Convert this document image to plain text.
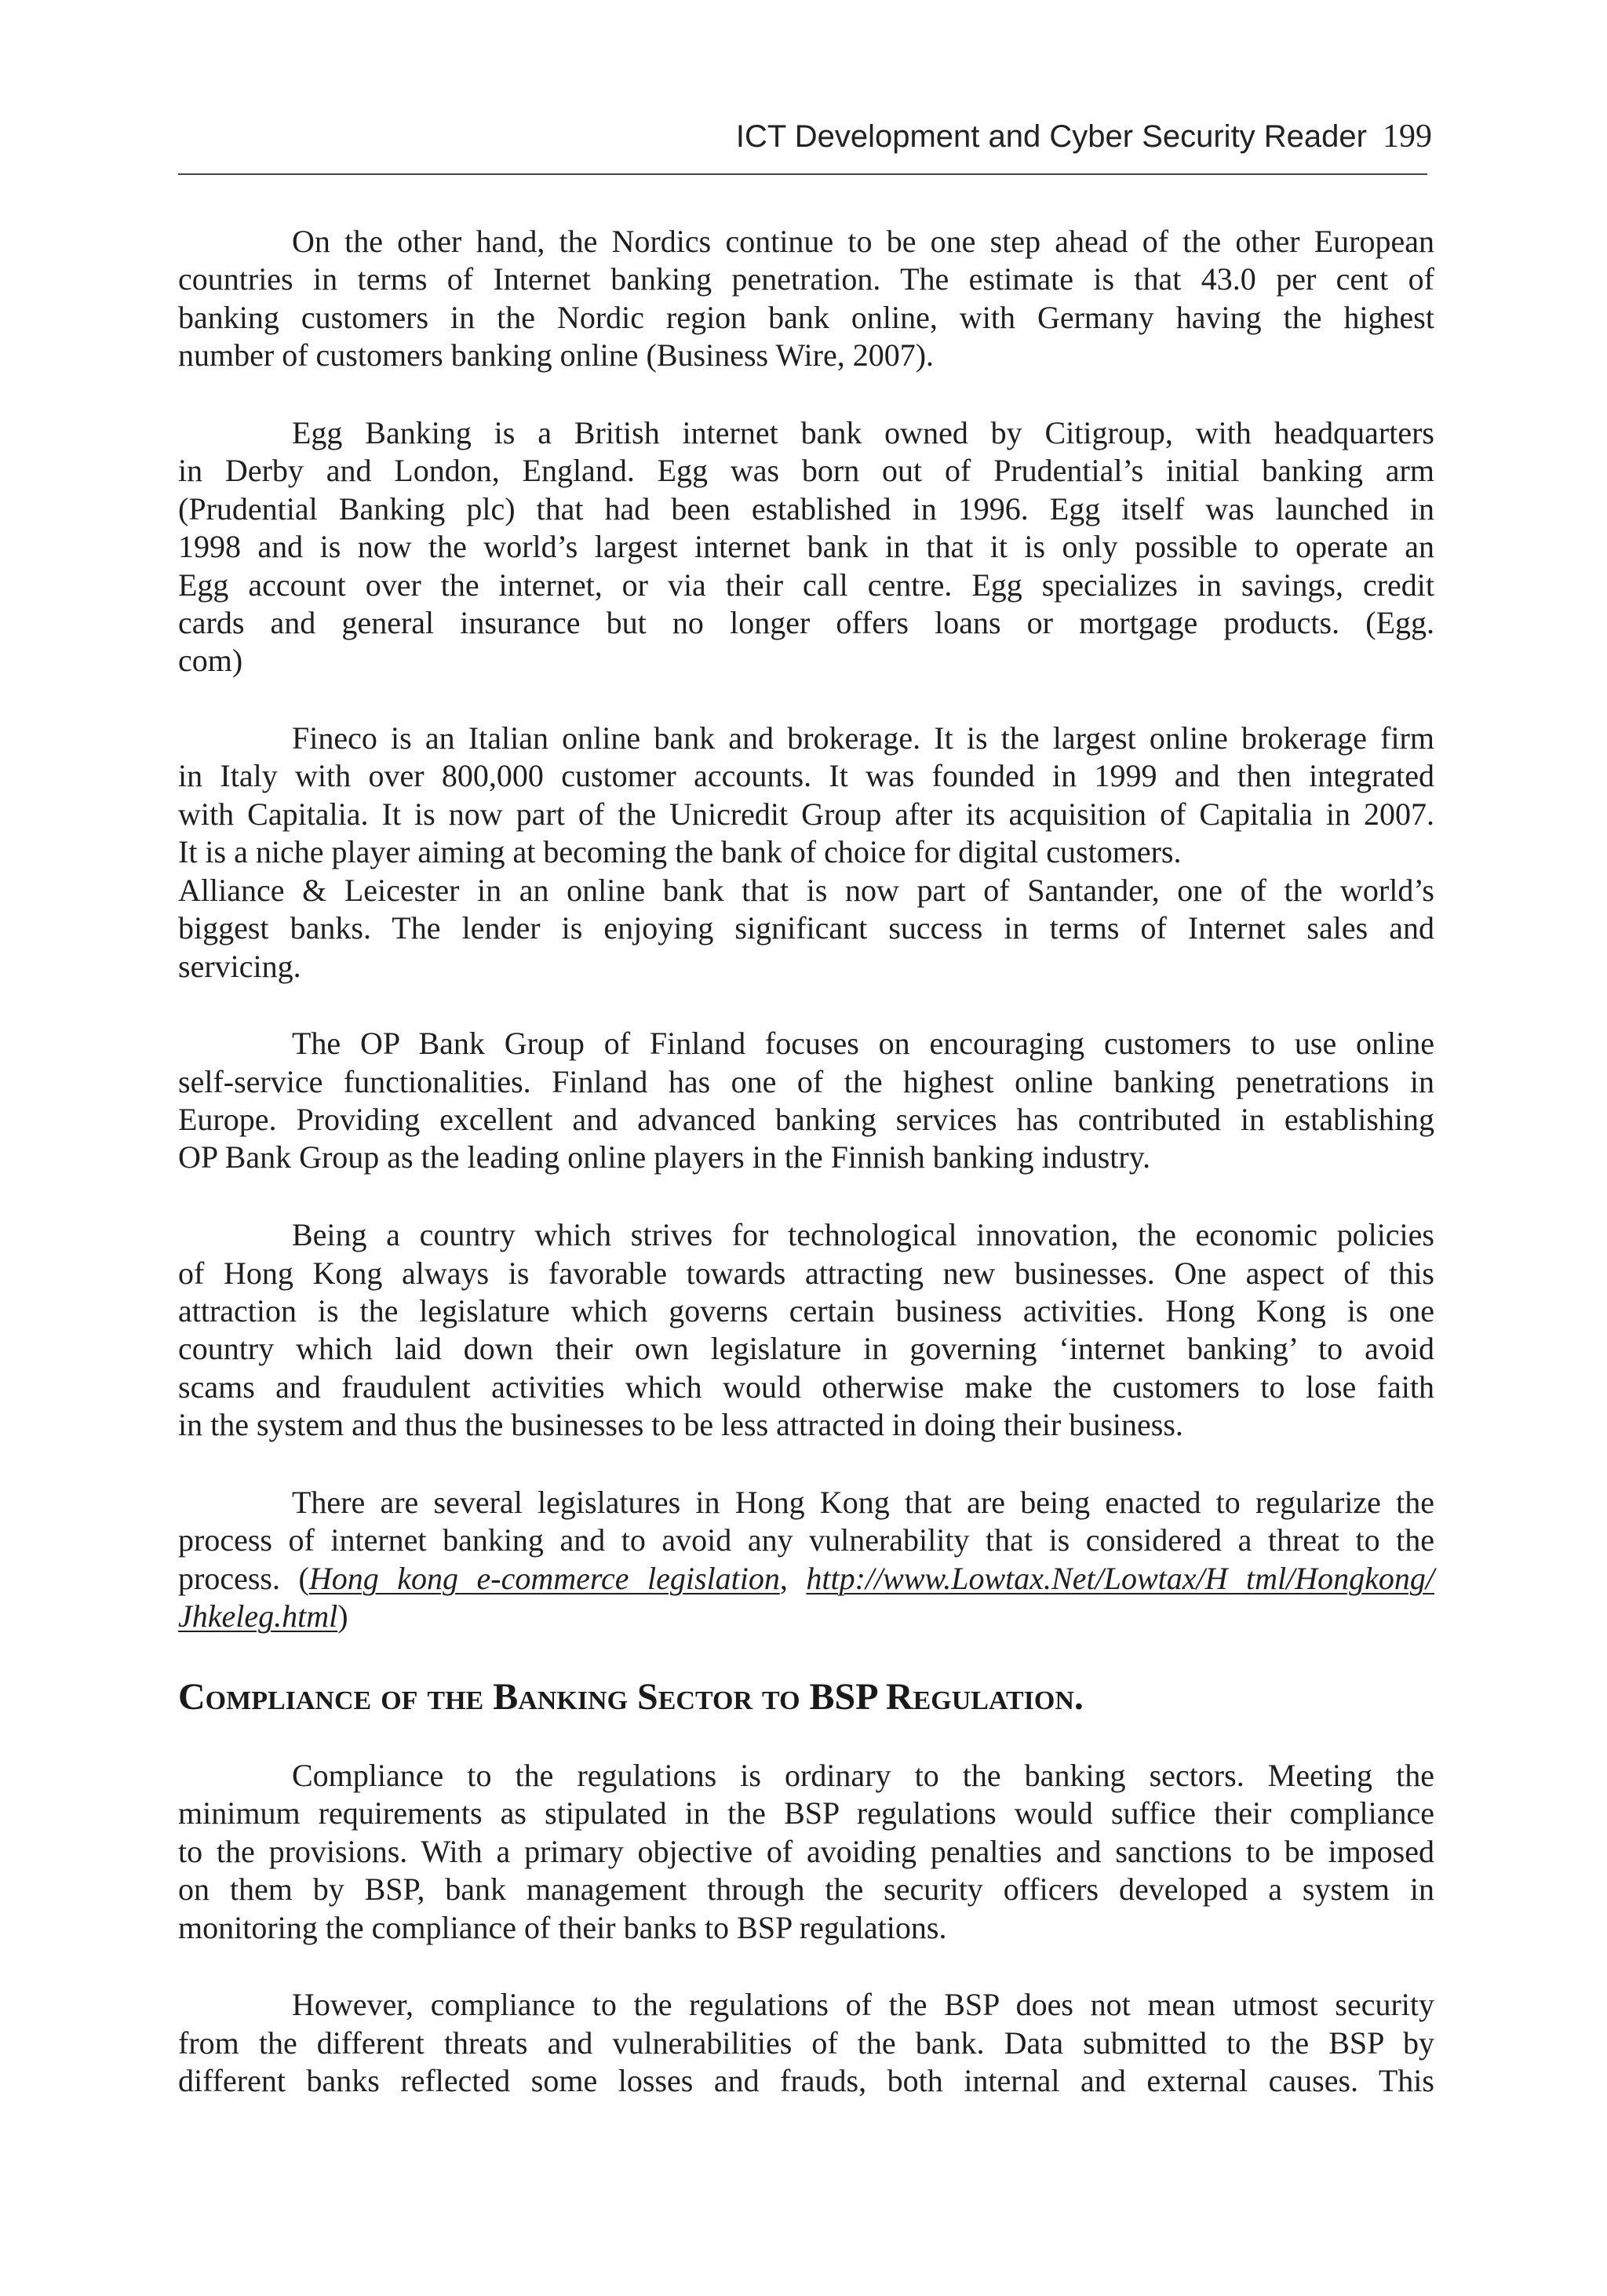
ICT Development and Cyber Security Reader 199
On the other hand, the Nordics continue to be one step ahead of the other European
countries in terms of Internet banking penetration. The estimate is that 43.0 per cent of
banking customers in the Nordic region bank online, with Germany having the highest
number of customers banking online (Business Wire, 2007).
Egg Banking is a British internet bank owned by Citigroup, with headquarters
in Derby and London, England. Egg was born out of Prudential’s initial banking arm
(Prudential Banking plc) that had been established in 1996. Egg itself was launched in
1998 and is now the world’s largest internet bank in that it is only possible to operate an
Egg account over the internet, or via their call centre. Egg specializes in savings, credit
cards and general insurance but no longer offers loans or mortgage products. (Egg.
com)
Fineco is an Italian online bank and brokerage. It is the largest online brokerage firm
in Italy with over 800,000 customer accounts. It was founded in 1999 and then integrated
with Capitalia. It is now part of the Unicredit Group after its acquisition of Capitalia in 2007.
It is a niche player aiming at becoming the bank of choice for digital customers.
Alliance & Leicester in an online bank that is now part of Santander, one of the world’s
biggest banks. The lender is enjoying significant success in terms of Internet sales and
servicing.
The OP Bank Group of Finland focuses on encouraging customers to use online
self-service functionalities. Finland has one of the highest online banking penetrations in
Europe. Providing excellent and advanced banking services has contributed in establishing
OP Bank Group as the leading online players in the Finnish banking industry.
Being a country which strives for technological innovation, the economic policies
of Hong Kong always is favorable towards attracting new businesses. One aspect of this
attraction is the legislature which governs certain business activities. Hong Kong is one
country which laid down their own legislature in governing ‘internet banking’ to avoid
scams and fraudulent activities which would otherwise make the customers to lose faith
in the system and thus the businesses to be less attracted in doing their business.
There are several legislatures in Hong Kong that are being enacted to regularize the
process of internet banking and to avoid any vulnerability that is considered a threat to the
process. (Hong kong e-commerce legislation, http://www.Lowtax.Net/Lowtax/H tml/Hongkong/
Jhkeleg.html)
Compliance of the Banking Sector to BSP Regulation.
Compliance to the regulations is ordinary to the banking sectors. Meeting the
minimum requirements as stipulated in the BSP regulations would suffice their compliance
to the provisions. With a primary objective of avoiding penalties and sanctions to be imposed
on them by BSP, bank management through the security officers developed a system in
monitoring the compliance of their banks to BSP regulations.
However, compliance to the regulations of the BSP does not mean utmost security
from the different threats and vulnerabilities of the bank. Data submitted to the BSP by
different banks reflected some losses and frauds, both internal and external causes. This
